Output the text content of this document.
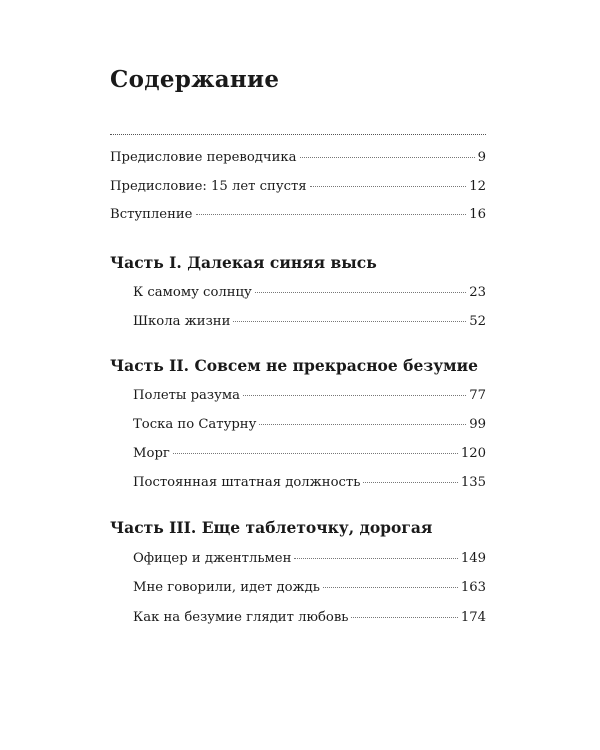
Содержание
Предисловие переводчика	9
Предисловие: 15 лет спустя	12
Вступление	16
Часть I. Далекая синяя высь
К самому солнцу	23
Школа жизни	52
Часть II. Совсем не прекрасное безумие
Полеты разума	77
Тоска по Сатурну	99
Морг	120
Постоянная штатная должность	135
Часть III. Еще таблеточку, дорогая
Офицер и джентльмен	149
Мне говорили, идет дождь	163
Как на безумие глядит любовь	174
